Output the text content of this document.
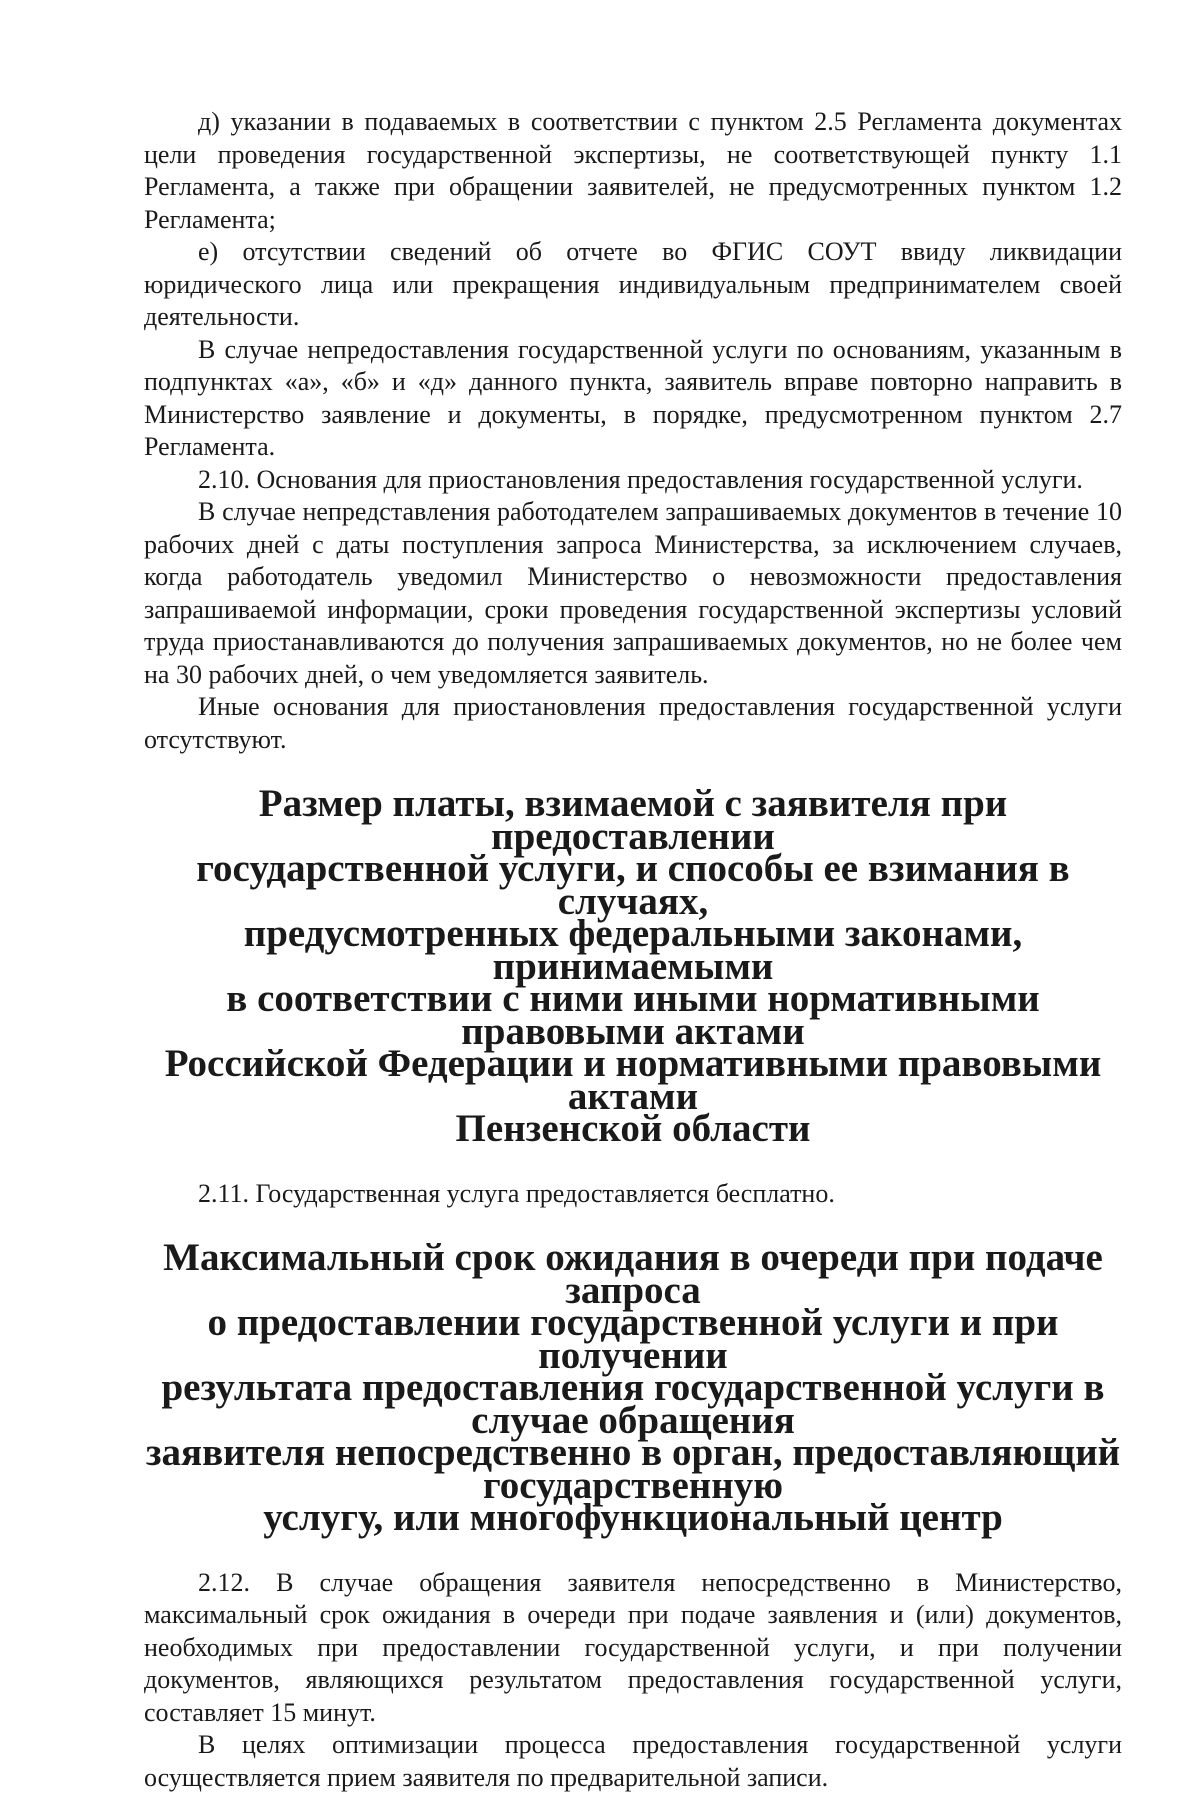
д) указании в подаваемых в соответствии с пунктом 2.5 Регламента документах цели проведения государственной экспертизы, не соответствующей пункту 1.1 Регламента, а также при обращении заявителей, не предусмотренных пунктом 1.2 Регламента;

е) отсутствии сведений об отчете во ФГИС СОУТ ввиду ликвидации юридического лица или прекращения индивидуальным предпринимателем своей деятельности.

В случае непредоставления государственной услуги по основаниям, указанным в подпунктах «а», «б» и «д» данного пункта, заявитель вправе повторно направить в Министерство заявление и документы, в порядке, предусмотренном пунктом 2.7 Регламента.

2.10. Основания для приостановления предоставления государственной услуги.

В случае непредставления работодателем запрашиваемых документов в течение 10 рабочих дней с даты поступления запроса Министерства, за исключением случаев, когда работодатель уведомил Министерство о невозможности предоставления запрашиваемой информации, сроки проведения государственной экспертизы условий труда приостанавливаются до получения запрашиваемых документов, но не более чем на 30 рабочих дней, о чем уведомляется заявитель.

Иные основания для приостановления предоставления государственной услуги отсутствуют.

Размер платы, взимаемой с заявителя при предоставлении
государственной услуги, и способы ее взимания в случаях,
предусмотренных федеральными законами, принимаемыми
в соответствии с ними иными нормативными правовыми актами
Российской Федерации и нормативными правовыми актами
Пензенской области

2.11. Государственная услуга предоставляется бесплатно.

Максимальный срок ожидания в очереди при подаче запроса
о предоставлении государственной услуги и при получении
результата предоставления государственной услуги в случае обращения
заявителя непосредственно в орган, предоставляющий государственную
услугу, или многофункциональный центр

2.12. В случае обращения заявителя непосредственно в Министерство, максимальный срок ожидания в очереди при подаче заявления и (или) документов, необходимых при предоставлении государственной услуги, и при получении документов, являющихся результатом предоставления государственной услуги, составляет 15 минут.

В целях оптимизации процесса предоставления государственной услуги осуществляется прием заявителя по предварительной записи.
